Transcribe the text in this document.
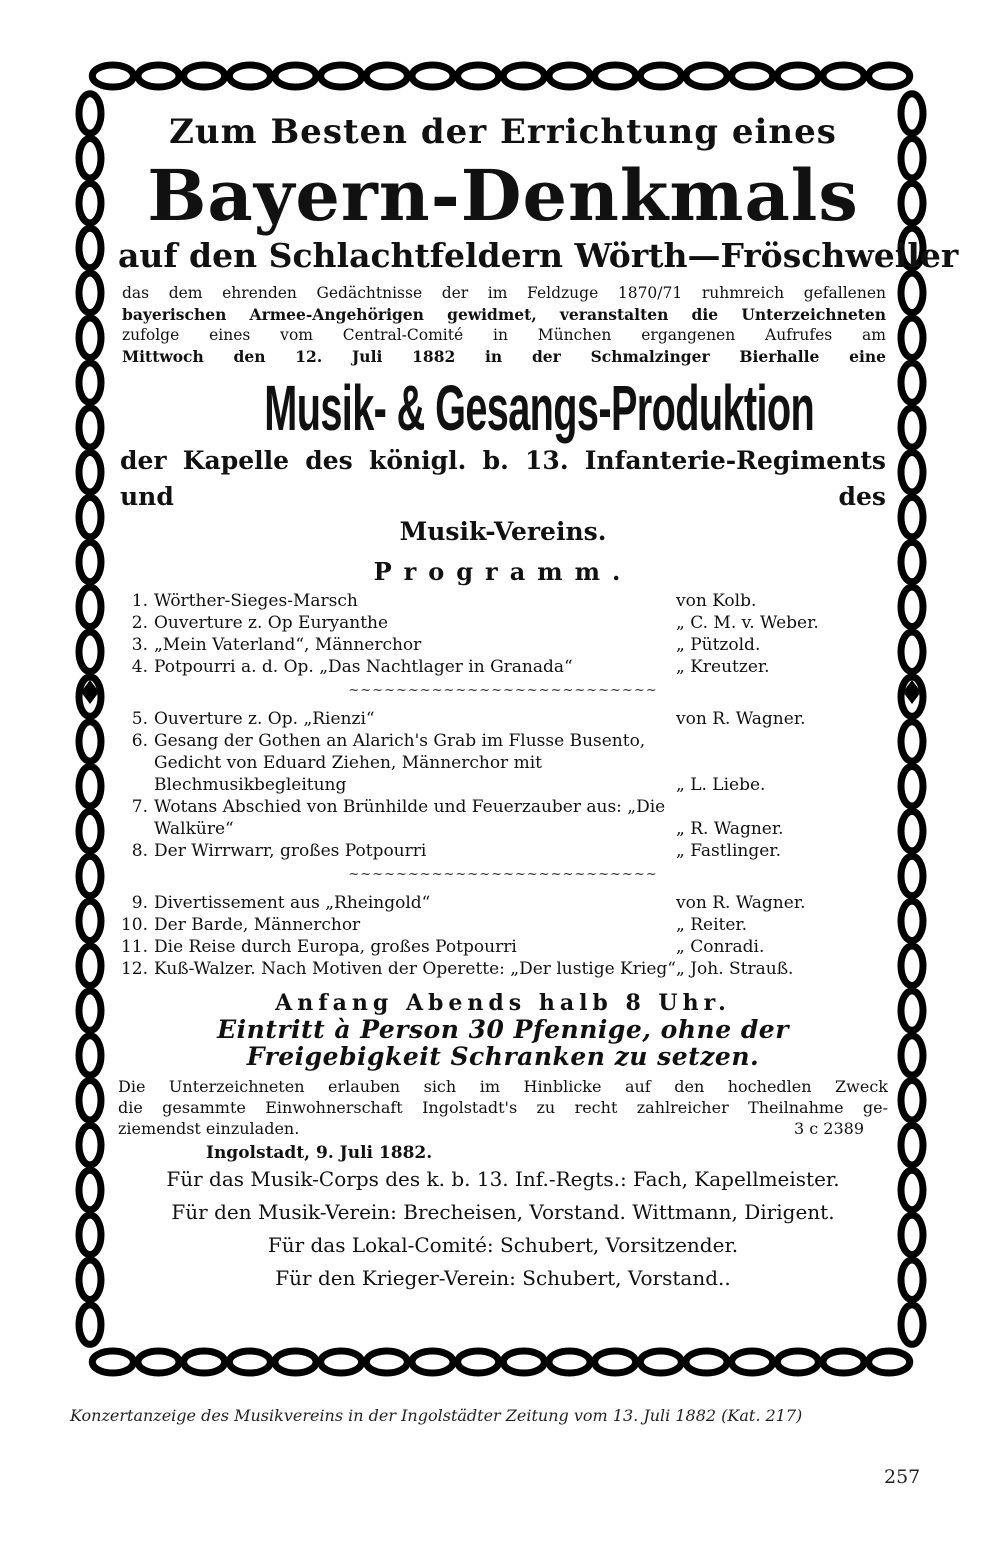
Zum Besten der Errichtung eines
Bayern-Denkmals
auf den Schlachtfeldern Wörth—Fröschweiler
das dem ehrenden Gedächtnisse der im Feldzuge 1870/71 ruhmreich gefallenen
bayerischen Armee-Angehörigen gewidmet, veranstalten die Unterzeichneten
zufolge eines vom Central-Comité in München ergangenen Aufrufes am
Mittwoch den 12. Juli 1882 in der Schmalzinger Bierhalle eine
Musik- & Gesangs-Produktion
der Kapelle des königl. b. 13. Infanterie-Regiments und des
Musik-Vereins.
Programm.
1. Wörther-Sieges-Marsch	von Kolb.
2. Ouverture z. Op Euryanthe	„ C. M. v. Weber.
3. „Mein Vaterland“, Männerchor	„ Pützold.
4. Potpourri a. d. Op. „Das Nachtlager in Granada“	„ Kreutzer.
~~~~~~~~~~~~~~~~~~~~~~~~~~
5. Ouverture z. Op. „Rienzi“	von R. Wagner.
6. Gesang der Gothen an Alarich's Grab im Flusse Busento, Gedicht von Eduard Ziehen, Männerchor mit Blechmusikbegleitung	„ L. Liebe.
7. Wotans Abschied von Brünhilde und Feuerzauber aus: „Die Walküre“	„ R. Wagner.
8. Der Wirrwarr, großes Potpourri	„ Fastlinger.
~~~~~~~~~~~~~~~~~~~~~~~~~~
9. Divertissement aus „Rheingold“	von R. Wagner.
10. Der Barde, Männerchor	„ Reiter.
11. Die Reise durch Europa, großes Potpourri	„ Conradi.
12. Kuß-Walzer. Nach Motiven der Operette: „Der lustige Krieg“ „ Joh. Strauß.
Anfang Abends halb 8 Uhr.
Eintritt à Person 30 Pfennige, ohne der Freigebigkeit Schranken zu setzen.
Die Unterzeichneten erlauben sich im Hinblicke auf den hochedlen Zweck
die gesammte Einwohnerschaft Ingolstadt's zu recht zahlreicher Theilnahme ge-
ziemendst einzuladen.	3 c 2389
Ingolstadt, 9. Juli 1882.
Für das Musik-Corps des k. b. 13. Inf.-Regts.: Fach, Kapellmeister.
Für den Musik-Verein: Brecheisen, Vorstand. Wittmann, Dirigent.
Für das Lokal-Comité: Schubert, Vorsitzender.
Für den Krieger-Verein: Schubert, Vorstand..
Konzertanzeige des Musikvereins in der Ingolstädter Zeitung vom 13. Juli 1882 (Kat. 217)
257
